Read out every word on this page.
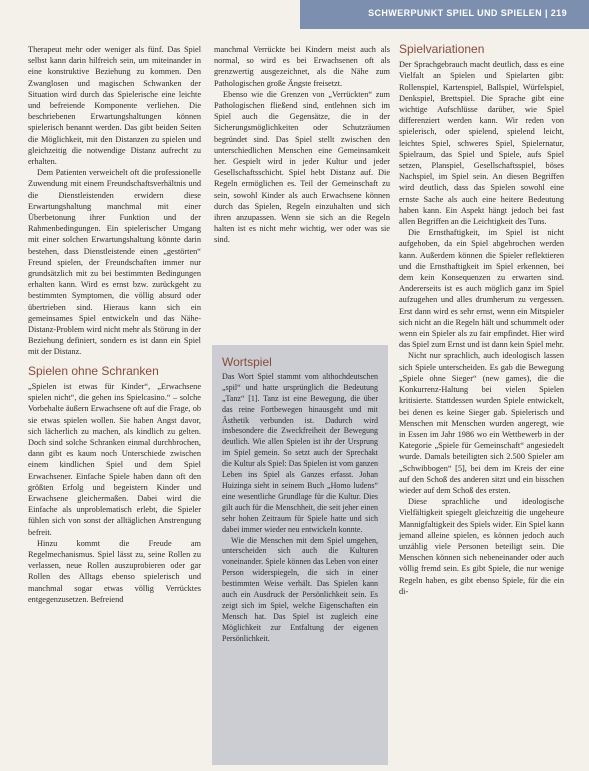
SCHWERPUNKT SPIEL UND SPIELEN | 219

Therapeut mehr oder weniger als fünf. Das Spiel selbst kann darin hilfreich sein, um miteinander in eine konstruktive Beziehung zu kommen. Den Zwanglosen und magischen Schwanken der Situation wird durch das Spielerische eine leichte und befreiende Komponente verliehen. Die beschriebenen Erwartungshaltungen können spielerisch benannt werden. Das gibt beiden Seiten die Möglichkeit, mit den Distanzen zu spielen und gleichzeitig die notwendige Distanz aufrecht zu erhalten.

Dem Patienten verweichelt oft die professionelle Zuwendung mit einem Freundschaftsverhältnis und die Dienstleistenden erwidern diese Erwartungshaltung manchmal mit einer Überbetonung ihrer Funktion und der Rahmenbedingungen. Ein spielerischer Umgang mit einer solchen Erwartungshaltung könnte darin bestehen, dass Dienstleistende einen „gestörten“ Freund spielen, der Freundschaften immer nur grundsätzlich mit zu bei bestimmten Bedingungen erhalten kann. Wird es ernst bzw. zurückgeht zu bestimmten Symptomen, die völlig absurd oder übertrieben sind. Hieraus kann sich ein gemeinsames Spiel entwickeln und das Nähe-Distanz-Problem wird nicht mehr als Störung in der Beziehung definiert, sondern es ist dann ein Spiel mit der Distanz.

Spielen ohne Schranken

„Spielen ist etwas für Kinder“, „Erwachsene spielen nicht“, die gehen ins Spielcasino.“ – solche Vorbehalte äußern Erwachsene oft auf die Frage, ob sie etwas spielen wollen. Sie haben Angst davor, sich lächerlich zu machen, als kindlich zu gelten. Doch sind solche Schranken einmal durchbrochen, dann gibt es kaum noch Unterschiede zwischen einem kindlichen Spiel und dem Spiel Erwachsener. Einfache Spiele haben dann oft den größten Erfolg und begeistern Kinder und Erwachsene gleichermaßen. Dabei wird die Einfache als unproblematisch erlebt, die Spieler fühlen sich von sonst der alltäglichen Anstrengung befreit.

Hinzu kommt die Freude am Regelmechanismus. Spiel lässt zu, seine Rollen zu verlassen, neue Rollen auszuprobieren oder gar Rollen des Alltags ebenso spielerisch und manchmal sogar etwas völlig Verrücktes entgegenzusetzen. Befreiend

manchmal Verrückte bei Kindern meist auch als normal, so wird es bei Erwachsenen oft als grenzwertig ausgezeichnet, als die Nähe zum Pathologischen große Ängste freisetzt.

Ebenso wie die Grenzen von „Verrückten“ zum Pathologischen fließend sind, entlehnen sich im Spiel auch die Gegensätze, die in der Sicherungsmöglichkeiten oder Schutzräumen begründet sind. Das Spiel stellt zwischen den unterschiedlichen Menschen eine Gemeinsamkeit her. Gespielt wird in jeder Kultur und jeder Gesellschaftsschicht. Spiel hebt Distanz auf. Die Regeln ermöglichen es. Teil der Gemeinschaft zu sein, sowohl Kinder als auch Erwachsene können durch das Spielen, Regeln einzuhalten und sich ihren anzupassen. Wenn sie sich an die Regeln halten ist es nicht mehr wichtig, wer oder was sie sind.

Wortspiel

Das Wort Spiel stammt vom althochdeutschen „spil“ und hatte ursprünglich die Bedeutung „Tanz“ [1]. Tanz ist eine Bewegung, die über das reine Fortbewegen hinausgeht und mit Ästhetik verbunden ist. Dadurch wird insbesondere die Zweckfreiheit der Bewegung deutlich. Wie allen Spielen ist ihr der Ursprung im Spiel gemein. So setzt auch der Sprechakt die Kultur als Spiel: Das Spielen ist vom ganzen Leben ins Spiel als Ganzes erfasst. Johan Huizinga sieht in seinem Buch „Homo ludens“ eine wesentliche Grundlage für die Kultur. Dies gilt auch für die Menschheit, die seit jeher einen sehr hohen Zeitraum für Spiele hatte und sich dabei immer wieder neu entwickeln konnte.

Wie die Menschen mit dem Spiel umgehen, unterscheiden sich auch die Kulturen voneinander. Spiele können das Leben von einer Person widerspiegeln, die sich in einer bestimmten Weise verhält. Das Spielen kann auch ein Ausdruck der Persönlichkeit sein. Es zeigt sich im Spiel, welche Eigenschaften ein Mensch hat. Das Spiel ist zugleich eine Möglichkeit zur Entfaltung der eigenen Persönlichkeit.

Spielvariationen

Der Sprachgebrauch macht deutlich, dass es eine Vielfalt an Spielen und Spielarten gibt: Rollenspiel, Kartenspiel, Ballspiel, Würfelspiel, Denkspiel, Brettspiel. Die Sprache gibt eine wichtige Aufschlüsse darüber, wie Spiel differenziert werden kann. Wir reden von spielerisch, oder spielend, spielend leicht, leichtes Spiel, schweres Spiel, Spielernatur, Spielraum, das Spiel und Spiele, aufs Spiel setzen, Planspiel, Gesellschaftsspiel, böses Nachspiel, im Spiel sein. An diesen Begriffen wird deutlich, dass das Spielen sowohl eine ernste Sache als auch eine heitere Bedeutung haben kann. Ein Aspekt hängt jedoch bei fast allen Begriffen an die Leichtigkeit des Tuns.

Die Ernsthaftigkeit, im Spiel ist nicht aufgehoben, da ein Spiel abgebrochen werden kann. Außerdem können die Spieler reflektieren und die Ernsthaftigkeit im Spiel erkennen, bei dem kein Konsequenzen zu erwarten sind. Andererseits ist es auch möglich ganz im Spiel aufzugehen und alles drumherum zu vergessen. Erst dann wird es sehr ernst, wenn ein Mitspieler sich nicht an die Regeln hält und schummelt oder wenn ein Spieler als zu fair empfindet. Hier wird das Spiel zum Ernst und ist dann kein Spiel mehr.

Nicht nur sprachlich, auch ideologisch lassen sich Spiele unterscheiden. Es gab die Bewegung „Spiele ohne Sieger“ (new games), die die Konkurrenz-Haltung bei vielen Spielen kritisierte. Stattdessen wurden Spiele entwickelt, bei denen es keine Sieger gab. Spielerisch und Menschen mit Menschen wurden angeregt, wie in Essen im Jahr 1986 wo ein Wettbewerb in der Kategorie „Spiele für Gemeinschaft“ angesiedelt wurde. Damals beteiligten sich 2.500 Spieler am „Schwibbogen“ [5], bei dem im Kreis der eine auf den Schoß des anderen sitzt und ein bisschen wieder auf dem Schoß des ersten.

Diese sprachliche und ideologische Vielfältigkeit spiegelt gleichzeitig die ungeheure Mannigfaltigkeit des Spiels wider. Ein Spiel kann jemand alleine spielen, es können jedoch auch unzählig viele Personen beteiligt sein. Die Menschen können sich nebeneinander oder auch völlig fremd sein. Es gibt Spiele, die nur wenige Regeln haben, es gibt ebenso Spiele, für die ein di-
